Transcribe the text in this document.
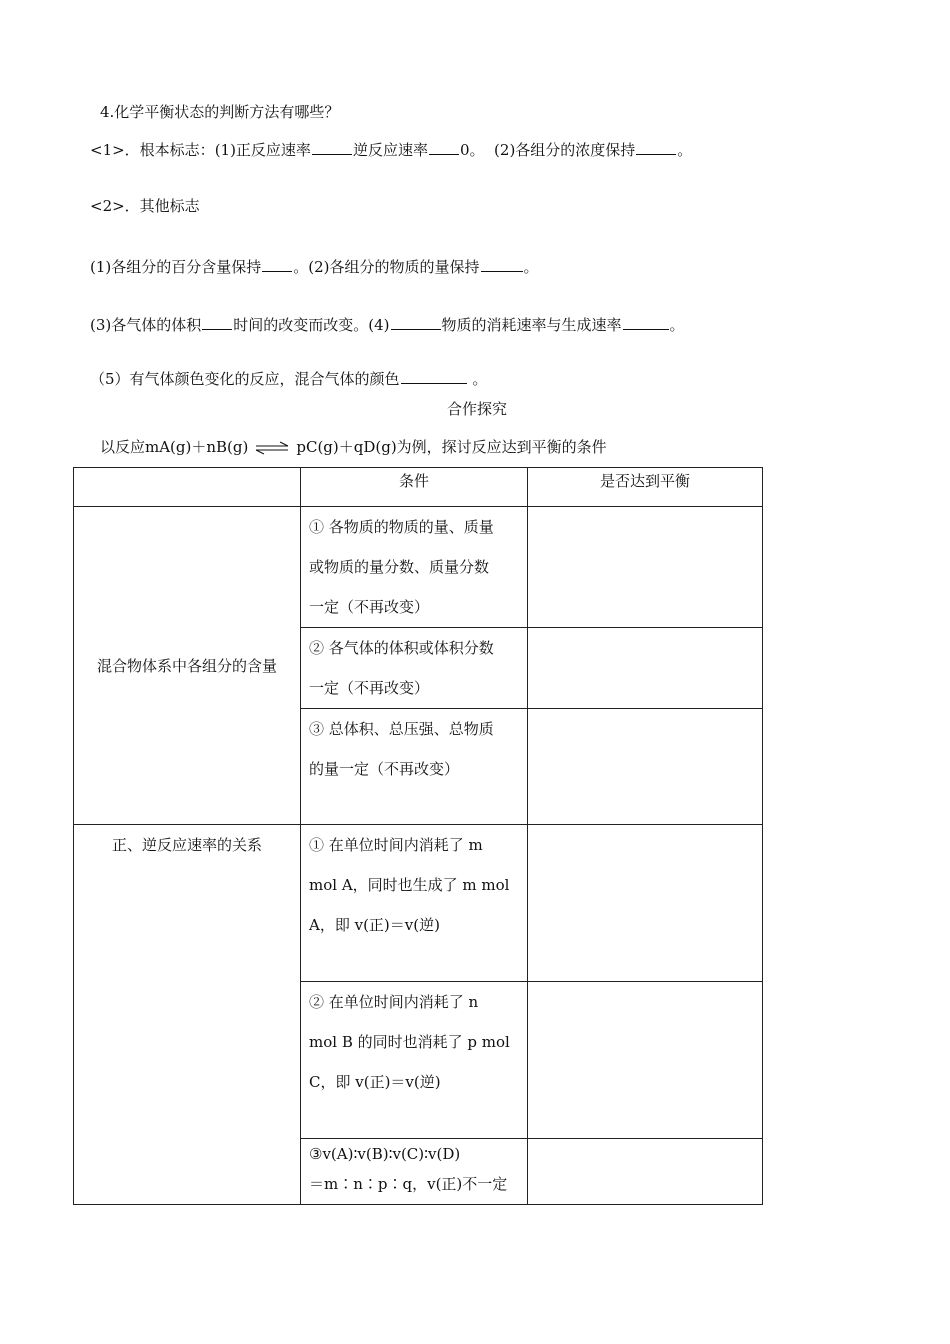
4.化学平衡状态的判断方法有哪些？
<1>．根本标志：(1)正反应速率	逆反应速率 0。 (2)各组分的浓度保持	。
<2>．其他标志
(1)各组分的百分含量保持 。(2)各组分的物质的量保持	。
(3)各气体的体积 时间的改变而改变。(4)	物质的消耗速率与生成速率	。
（5）有气体颜色变化的反应，混合气体的颜色	。
合作探究
以反应mA(g)＋nB(g) ⇌ pC(g)＋qD(g)为例，探讨反应达到平衡的条件
	条件	是否达到平衡
混合物体系中各组分的含量	① 各物质的物质的量、质量
或物质的量分数、质量分数
一定（不再改变）	

	② 各气体的体积或体积分数
一定（不再改变）	

	③ 总体积、总压强、总物质
的量一定（不再改变）	

正、逆反应速率的关系	① 在单位时间内消耗了 m
mol A，同时也生成了 m mol
A，即 v(正)＝v(逆)	

	② 在单位时间内消耗了 n
mol B 的同时也消耗了 p mol
C，即 v(正)＝v(逆)	

	③v(A)∶v(B)∶v(C)∶v(D)
＝m∶n∶p∶q，v(正)不一定	
